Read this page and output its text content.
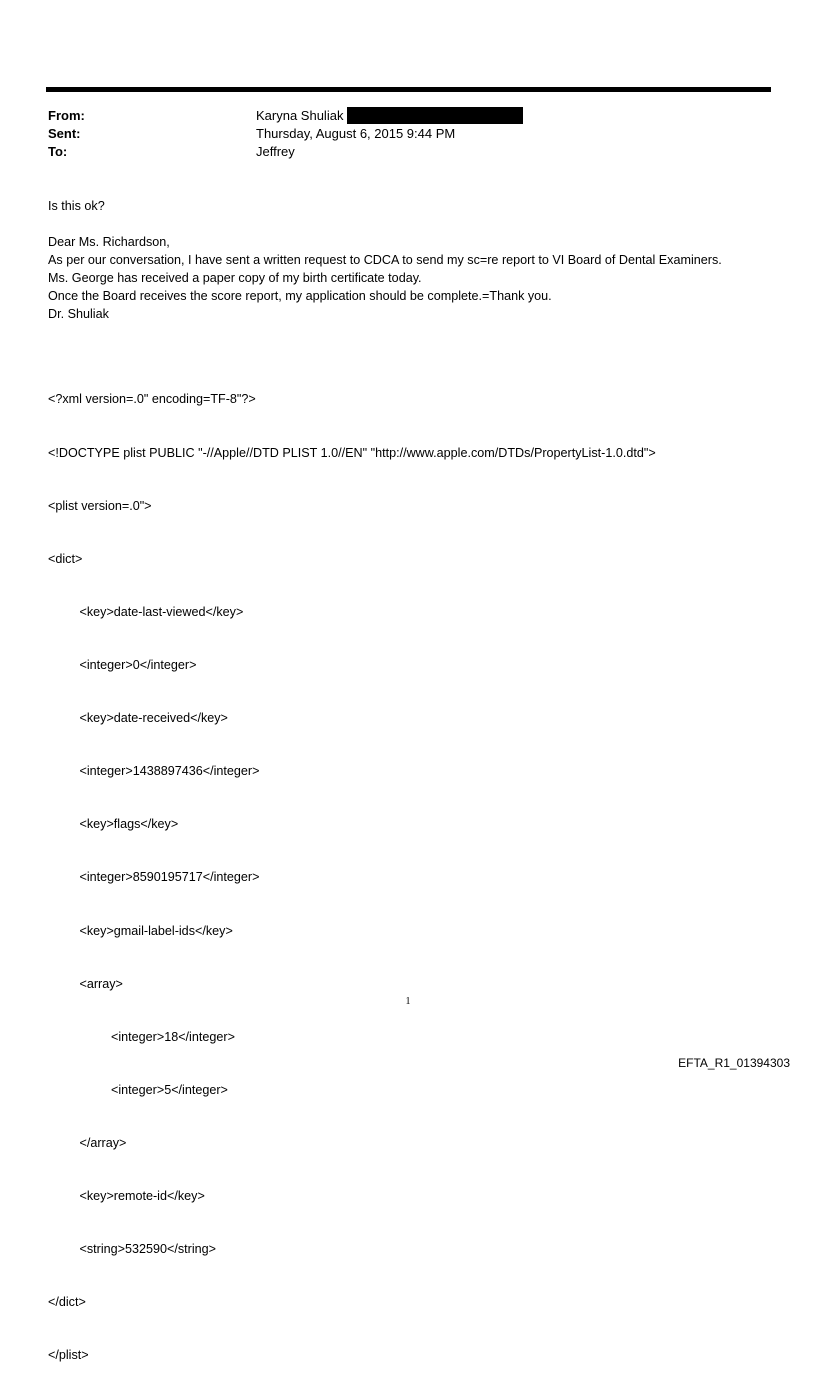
From:	Karyna Shuliak
Sent:	Thursday, August 6, 2015 9:44 PM
To:	Jeffrey
Is this ok?
Dear Ms. Richardson,
As per our conversation, I have sent a written request to CDCA to send my sc=re report to VI Board of Dental Examiners.
Ms. George has received a paper copy of my birth certificate today.
Once the Board receives the score report, my application should be complete.=Thank you.
Dr. Shuliak

<?xml version=.0" encoding=TF-8"?>

<!DOCTYPE plist PUBLIC "-//Apple//DTD PLIST 1.0//EN" "http://www.apple.com/DTDs/PropertyList-1.0.dtd">

<plist version=.0">

<dict>

<key>date-last-viewed</key>

<integer>0</integer>

<key>date-received</key>

<integer>1438897436</integer>

<key>flags</key>

<integer>8590195717</integer>

<key>gmail-label-ids</key>

<array>

<integer>18</integer>

<integer>5</integer>

</array>

<key>remote-id</key>

<string>532590</string>

</dict>

</plist>

1
EFTA_R1_01394303
